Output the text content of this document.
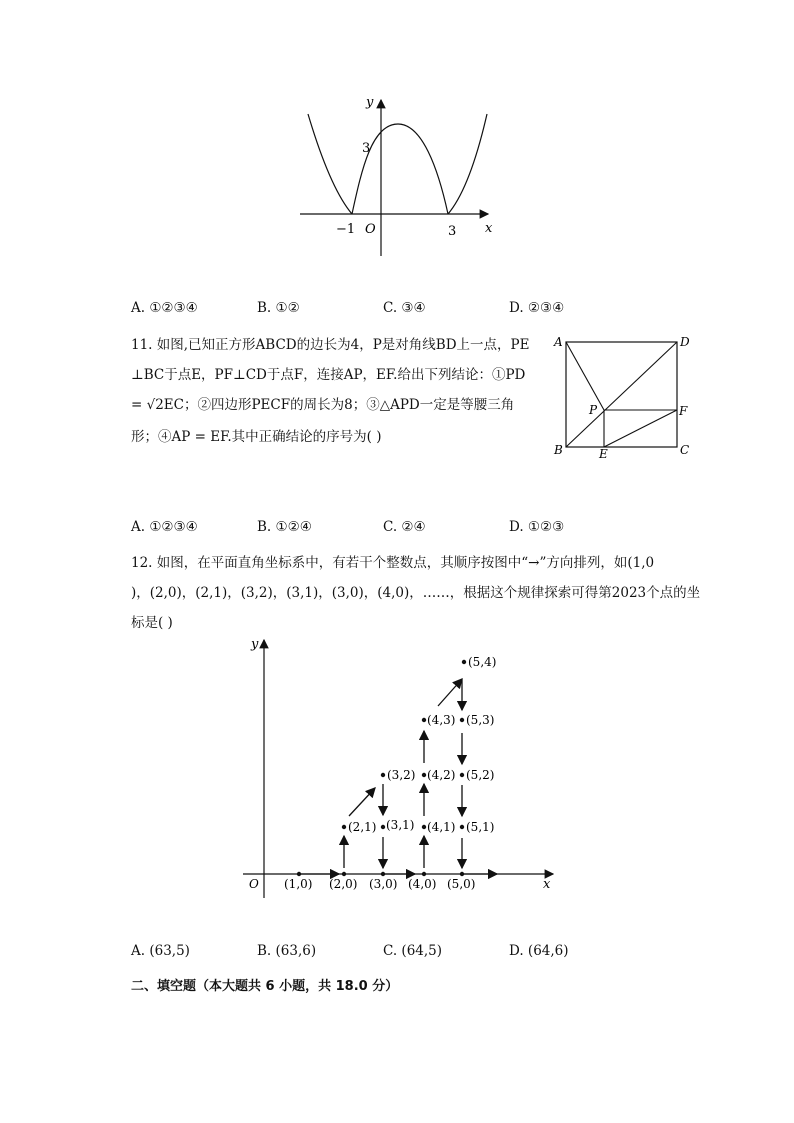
y
x
O
3
−1	3
A. ①②③④	B. ①②	C. ③④	D. ②③④
11. 如图,已知正方形ABCD的边长为4，P是对角线BD上一点，PE
⊥BC于点E，PF⊥CD于点F，连接AP，EF.给出下列结论：①PD
= √2EC；②四边形PECF的周长为8；③△APD一定是等腰三角
形；④AP = EF.其中正确结论的序号为( )
A	D
B	C
E
F
P
A. ①②③④	B. ①②④	C. ②④	D. ①②③
12. 如图，在平面直角坐标系中，有若干个整数点，其顺序按图中“→”方向排列，如(1,0
)，(2,0)，(2,1)，(3,2)，(3,1)，(3,0)，(4,0)，……，根据这个规律探索可得第2023个点的坐
标是( )
y
x
O (1,0) (2,0) (3,0) (4,0) (5,0)
(2,1) (3,1) (4,1) (5,1)
(3,2) (4,2) (5,2)
(4,3) (5,3)
(5,4)
A. (63,5)	B. (63,6)	C. (64,5)	D. (64,6)
二、填空题（本大题共 6 小题，共 18.0 分）
